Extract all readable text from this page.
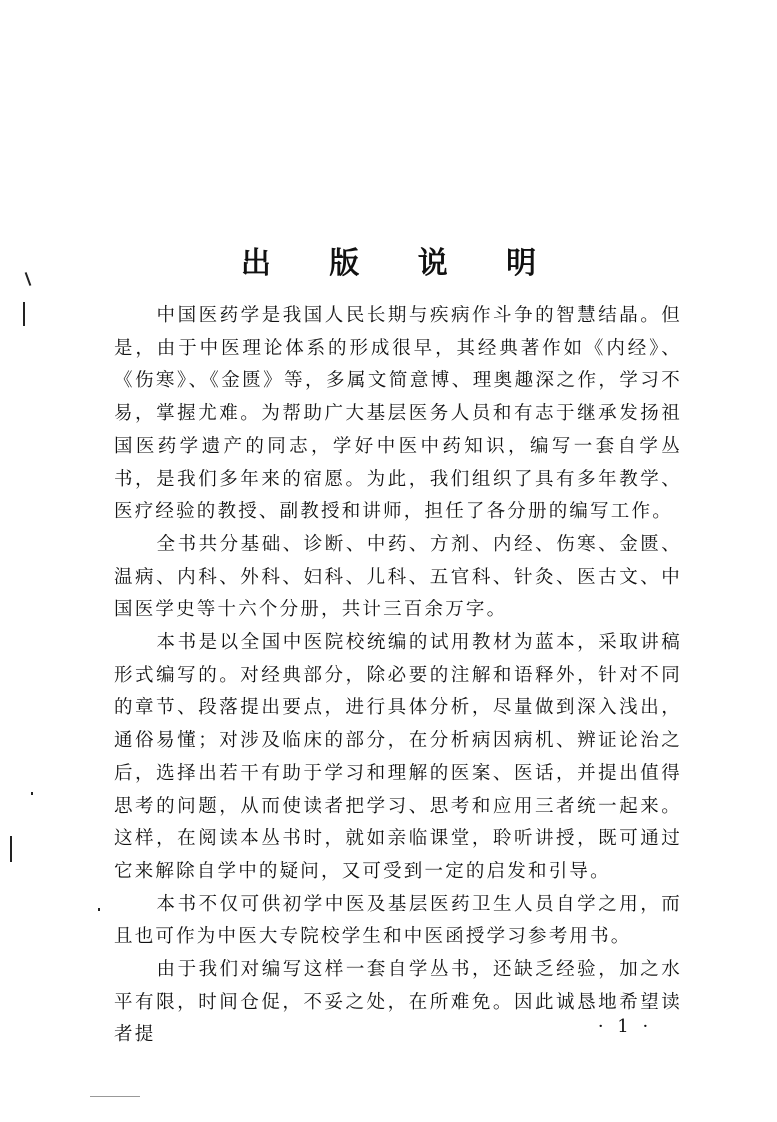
出 版 说 明

中国医药学是我国人民长期与疾病作斗争的智慧结晶。但是，由于中医理论体系的形成很早，其经典著作如《内经》、《伤寒》、《金匮》等，多属文简意博、理奥趣深之作，学习不易，掌握尤难。为帮助广大基层医务人员和有志于继承发扬祖国医药学遗产的同志，学好中医中药知识，编写一套自学丛书，是我们多年来的宿愿。为此，我们组织了具有多年教学、医疗经验的教授、副教授和讲师，担任了各分册的编写工作。

全书共分基础、诊断、中药、方剂、内经、伤寒、金匮、温病、内科、外科、妇科、儿科、五官科、针灸、医古文、中国医学史等十六个分册，共计三百余万字。

本书是以全国中医院校统编的试用教材为蓝本，采取讲稿形式编写的。对经典部分，除必要的注解和语释外，针对不同的章节、段落提出要点，进行具体分析，尽量做到深入浅出，通俗易懂；对涉及临床的部分，在分析病因病机、辨证论治之后，选择出若干有助于学习和理解的医案、医话，并提出值得思考的问题，从而使读者把学习、思考和应用三者统一起来。这样，在阅读本丛书时，就如亲临课堂，聆听讲授，既可通过它来解除自学中的疑问，又可受到一定的启发和引导。

本书不仅可供初学中医及基层医药卫生人员自学之用，而且也可作为中医大专院校学生和中医函授学习参考用书。

由于我们对编写这样一套自学丛书，还缺乏经验，加之水平有限，时间仓促，不妥之处，在所难免。因此诚恳地希望读者提	· 1 ·
